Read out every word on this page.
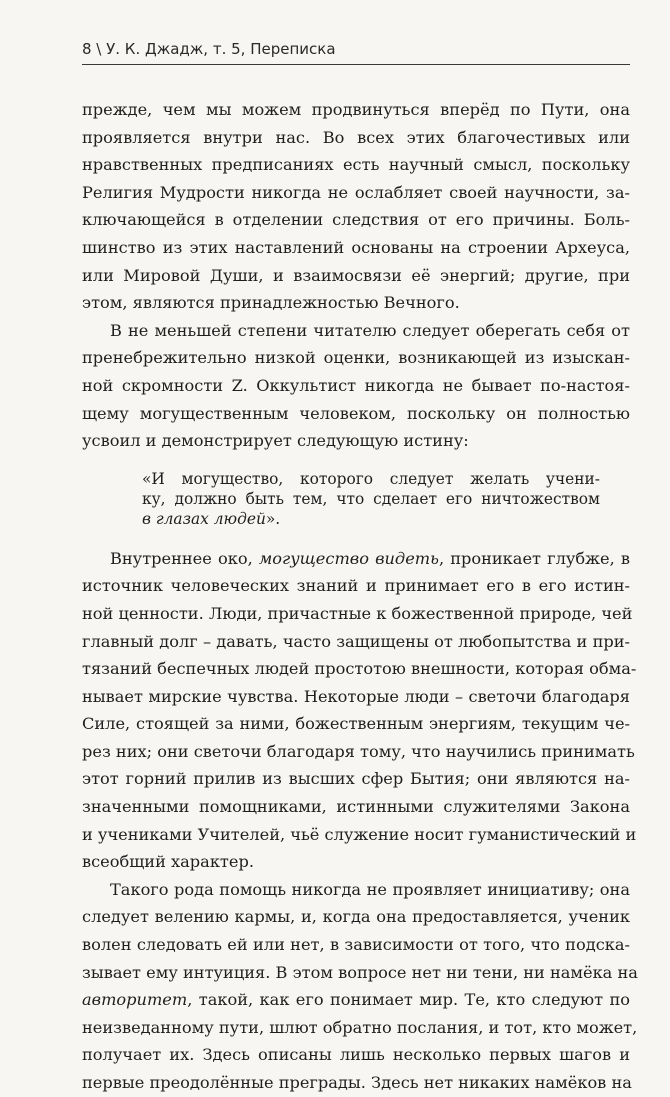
8 \ У. К. Джадж, т. 5, Переписка
прежде, чем мы можем продвинуться вперёд по Пути, она
проявляется внутри нас. Во всех этих благочестивых или
нравственных предписаниях есть научный смысл, поскольку
Религия Мудрости никогда не ослабляет своей научности, за-
ключающейся в отделении следствия от его причины. Боль-
шинство из этих наставлений основаны на строении Археуса,
или Мировой Души, и взаимосвязи её энергий; другие, при
этом, являются принадлежностью Вечного.
В не меньшей степени читателю следует оберегать себя от
пренебрежительно низкой оценки, возникающей из изыскан-
ной скромности Z. Оккультист никогда не бывает по-настоя-
щему могущественным человеком, поскольку он полностью
усвоил и демонстрирует следующую истину:
«И могущество, которого следует желать учени-
ку, должно быть тем, что сделает его ничтожеством
в глазах людей».
Внутреннее око, могущество видеть, проникает глубже, в
источник человеческих знаний и принимает его в его истин-
ной ценности. Люди, причастные к божественной природе, чей
главный долг – давать, часто защищены от любопытства и при-
тязаний беспечных людей простотою внешности, которая обма-
нывает мирские чувства. Некоторые люди – светочи благодаря
Силе, стоящей за ними, божественным энергиям, текущим че-
рез них; они светочи благодаря тому, что научились принимать
этот горний прилив из высших сфер Бытия; они являются на-
значенными помощниками, истинными служителями Закона
и учениками Учителей, чьё служение носит гуманистический и
всеобщий характер.
Такого рода помощь никогда не проявляет инициативу; она
следует велению кармы, и, когда она предоставляется, ученик
волен следовать ей или нет, в зависимости от того, что подска-
зывает ему интуиция. В этом вопросе нет ни тени, ни намёка на
авторитет, такой, как его понимает мир. Те, кто следуют по
неизведанному пути, шлют обратно послания, и тот, кто может,
получает их. Здесь описаны лишь несколько первых шагов и
первые преодолённые преграды. Здесь нет никаких намёков на
